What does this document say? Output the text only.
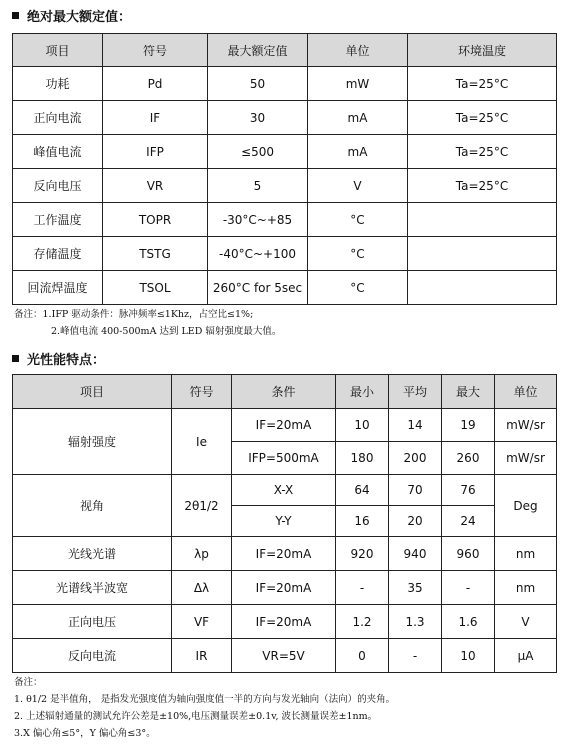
绝对最大额定值：
项目	符号	最大额定值	单位	环境温度
功耗	Pd	50	mW	Ta=25°C
正向电流	IF	30	mA	Ta=25°C
峰值电流	IFP	≤500	mA	Ta=25°C
反向电压	VR	5	V	Ta=25°C
工作温度	TOPR	-30°C~+85	°C	
存储温度	TSTG	-40°C~+100	°C	
回流焊温度	TSOL	260°C for 5sec	°C	
备注：1.IFP 驱动条件：脉冲频率≤1Khz，占空比≤1%;
2.峰值电流 400-500mA 达到 LED 辐射强度最大值。
光性能特点：
项目	符号	条件	最小	平均	最大	单位
辐射强度	Ie	IF=20mA	10	14	19	mW/sr
		IFP=500mA	180	200	260	mW/sr
视角	2θ1/2	X-X	64	70	76	Deg
		Y-Y	16	20	24	
光线光谱	λp	IF=20mA	920	940	960	nm
光谱线半波宽	Δλ	IF=20mA	-	35	-	nm
正向电压	VF	IF=20mA	1.2	1.3	1.6	V
反向电流	IR	VR=5V	0	-	10	μA
备注：
1. θ1/2 是半值角， 是指发光强度值为轴向强度值一半的方向与发光轴向（法向）的夹角。
2. 上述辐射通量的测试允许公差是±10%,电压测量误差±0.1v, 波长测量误差±1nm。
3.X 偏心角≤5°，Y 偏心角≤3°。
